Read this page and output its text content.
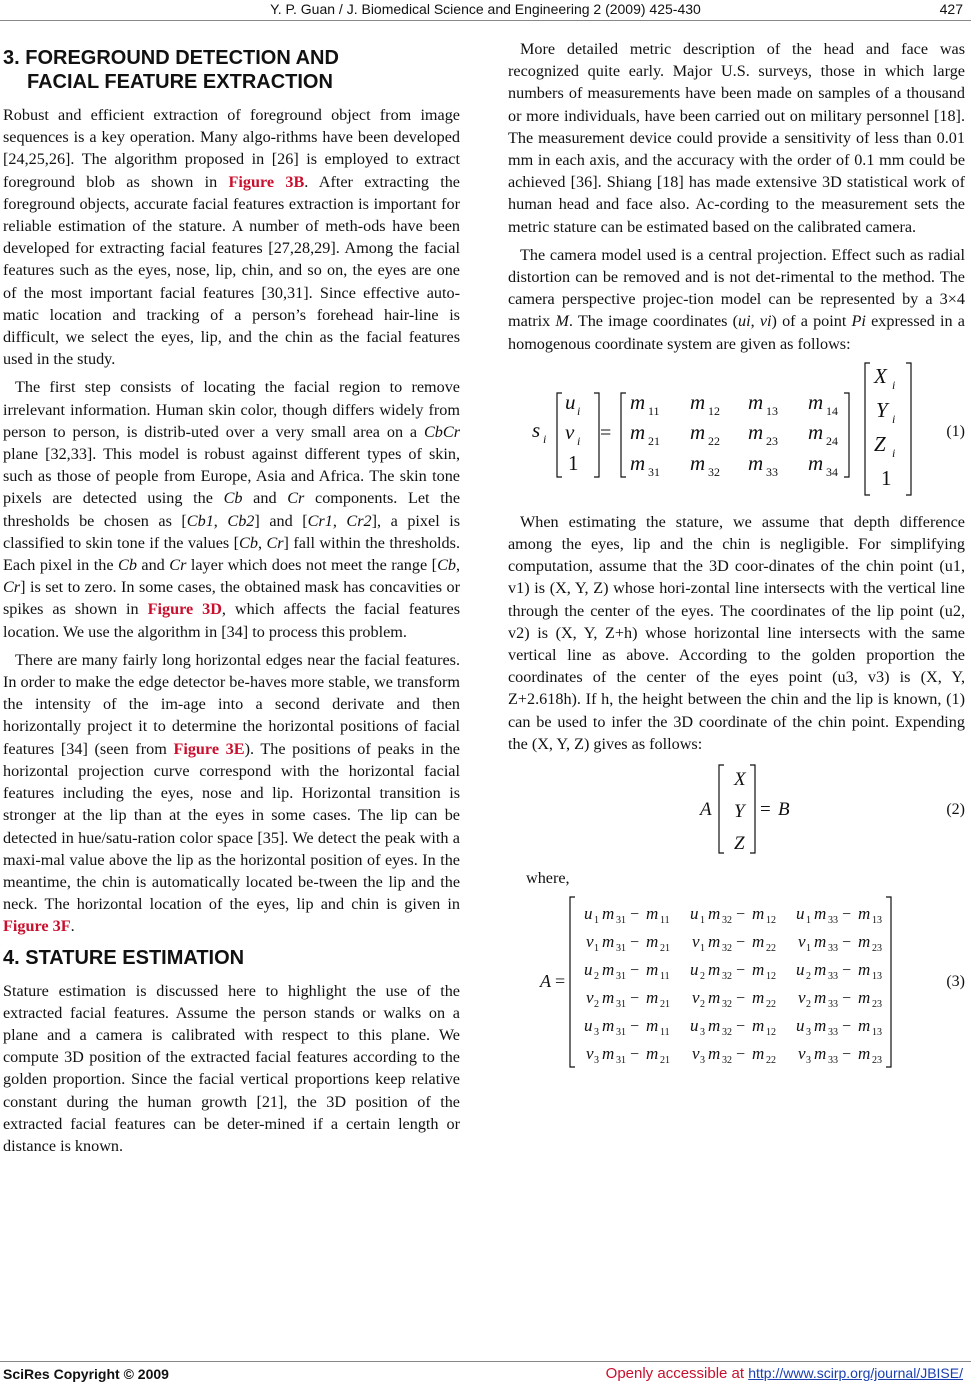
Y. P. Guan / J. Biomedical Science and Engineering 2 (2009) 425-430	427
3. FOREGROUND DETECTION AND
FACIAL FEATURE EXTRACTION

Robust and efficient extraction of foreground object from image sequences is a key operation. Many algo-rithms have been developed [24,25,26]. The algorithm proposed in [26] is employed to extract foreground blob as shown in Figure 3B. After extracting the foreground objects, accurate facial features extraction is important for reliable estimation of the stature. A number of meth-ods have been developed for extracting facial features [27,28,29]. Among the facial features such as the eyes, nose, lip, chin, and so on, the eyes are one of the most important facial features [30,31]. Since effective auto-matic location and tracking of a person’s forehead hair-line is difficult, we select the eyes, lip, and the chin as the facial features used in the study.

The first step consists of locating the facial region to remove irrelevant information. Human skin color, though differs widely from person to person, is distrib-uted over a very small area on a CbCr plane [32,33]. This model is robust against different types of skin, such as those of people from Europe, Asia and Africa. The skin tone pixels are detected using the Cb and Cr components. Let the thresholds be chosen as [Cb1, Cb2] and [Cr1, Cr2], a pixel is classified to skin tone if the values [Cb, Cr] fall within the thresholds. Each pixel in the Cb and Cr layer which does not meet the range [Cb, Cr] is set to zero. In some cases, the obtained mask has concavities or spikes as shown in Figure 3D, which affects the facial features location. We use the algorithm in [34] to process this problem.

There are many fairly long horizontal edges near the facial features. In order to make the edge detector be-haves more stable, we transform the intensity of the im-age into a second derivate and then horizontally project it to determine the horizontal positions of facial features [34] (seen from Figure 3E). The positions of peaks in the horizontal projection curve correspond with the horizontal facial features including the eyes, nose and lip. Horizontal transition is stronger at the lip than at the eyes in some cases. The lip can be detected in hue/satu-ration color space [35]. We detect the peak with a maxi-mal value above the lip as the horizontal position of eyes. In the meantime, the chin is automatically located be-tween the lip and the neck. The horizontal location of the eyes, lip and chin is given in Figure 3F.

4. STATURE ESTIMATION

Stature estimation is discussed here to highlight the use of the extracted facial features. Assume the person stands or walks on a plane and a camera is calibrated with respect to this plane. We compute 3D position of the extracted facial features according to the golden proportion. Since the facial vertical proportions keep relative constant during the human growth [21], the 3D position of the extracted facial features can be deter-mined if a certain length or distance is known.

More detailed metric description of the head and face was recognized quite early. Major U.S. surveys, those in which large numbers of measurements have been made on samples of a thousand or more individuals, have been carried out on military personnel [18]. The measurement device could provide a sensitivity of less than 0.01 mm in each axis, and the accuracy with the order of 0.1 mm could be achieved [36]. Shiang [18] has made extensive 3D statistical work of human head and face also. Ac-cording to the measurement sets the metric stature can be estimated based on the calibrated camera.

The camera model used is a central projection. Effect such as radial distortion can be removed and is not det-rimental to the method. The camera perspective projec-tion model can be represented by a 3×4 matrix M. The image coordinates (ui, vi) of a point Pi expressed in a homogenous coordinate system are given as follows:

s i
u i
v i
1
=
m m m m
m m m m
m m m m
11	12	13	14
21	22	23	24
31	32	33	34
X
Y
Z
i
i
i
1
(1)

When estimating the stature, we assume that depth difference among the eyes, lip and the chin is negligible. For simplifying computation, assume that the 3D coor-dinates of the chin point (u1, v1) is (X, Y, Z) whose hori-zontal line intersects with the vertical line through the center of the eyes. The coordinates of the lip point (u2, v2) is (X, Y, Z+h) whose horizontal line intersects with the same vertical line as above. According to the golden proportion the coordinates of the center of the eyes point (u3, v3) is (X, Y, Z+2.618h). If h, the height between the chin and the lip is known, (1) can be used to infer the 3D coordinate of the chin point. Expending the (X, Y, Z) gives as follows:

A
X
Y
Z
B
=	(2)

where,

A =
u m m u m m u m m
v m m v m m v m m
u m m u m m u m m
v m m v m m v m m
u m m u m m u m m
v m m v m m v m m
−	−	−
−	−	−
−	−	−
−	−	−
−	−	−
−	−	−
1 31	11	1 32	12	1 33	13
1 31	21	1 32	22	1 33	23
2 31	11	2 32	12	2 33	13
2 31	21	2 32	22	2 33	23
3 31	11	3 32	12	3 33	13
3 31	21	3 32	22	3 33	23
(3)
SciRes Copyright © 2009	Openly accessible at http://www.scirp.org/journal/JBISE/
